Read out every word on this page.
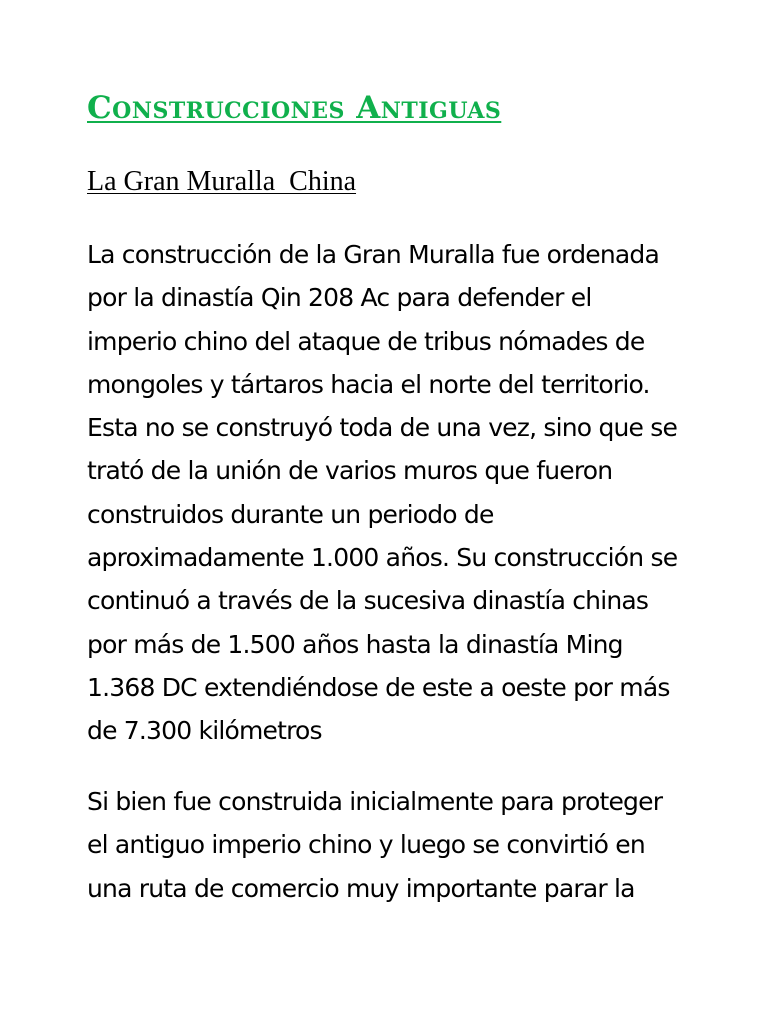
Construcciones Antiguas
La Gran Muralla  China

La construcción de la Gran Muralla fue ordenada
por la dinastía Qin 208 Ac para defender el
imperio chino del ataque de tribus nómades de
mongoles y tártaros hacia el norte del territorio.
Esta no se construyó toda de una vez, sino que se
trató de la unión de varios muros que fueron
construidos durante un periodo de
aproximadamente 1.000 años. Su construcción se
continuó a través de la sucesiva dinastía chinas
por más de 1.500 años hasta la dinastía Ming
1.368 DC extendiéndose de este a oeste por más
de 7.300 kilómetros

Si bien fue construida inicialmente para proteger
el antiguo imperio chino y luego se convirtió en
una ruta de comercio muy importante parar la
